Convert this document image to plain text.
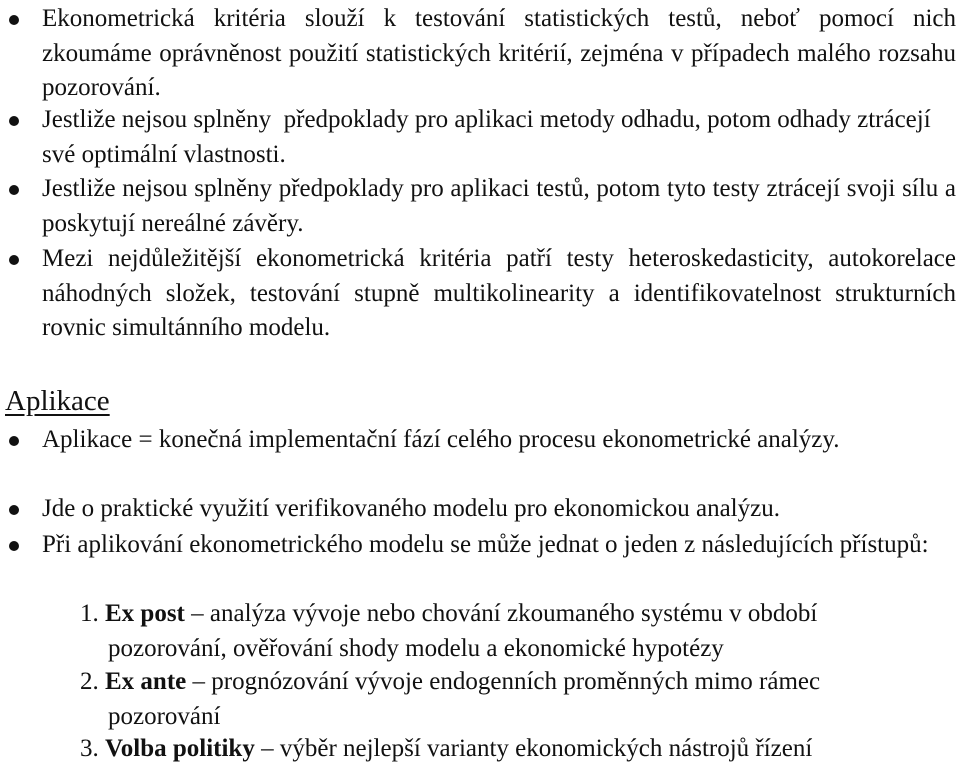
Ekonometrická kritéria slouží k testování statistických testů, neboť pomocí nich zkoumáme oprávněnost použití statistických kritérií, zejména v případech malého rozsahu pozorování.
Jestliže nejsou splněny  předpoklady pro aplikaci metody odhadu, potom odhady ztrácejí své optimální vlastnosti.
Jestliže nejsou splněny předpoklady pro aplikaci testů, potom tyto testy ztrácejí svoji sílu a poskytují nereálné závěry.
Mezi nejdůležitější ekonometrická kritéria patří testy heteroskedasticity, autokorelace náhodných složek, testování stupně multikolinearity a identifikovatelnost strukturních rovnic simultánního modelu.
Aplikace
Aplikace = konečná implementační fází celého procesu ekonometrické analýzy.
Jde o praktické využití verifikovaného modelu pro ekonomickou analýzu.
Při aplikování ekonometrického modelu se může jednat o jeden z následujících přístupů:
1. Ex post – analýza vývoje nebo chování zkoumaného systému v období
pozorování, ověřování shody modelu a ekonomické hypotézy
2. Ex ante – prognózování vývoje endogenních proměnných mimo rámec
pozorování
3. Volba politiky – výběr nejlepší varianty ekonomických nástrojů řízení
